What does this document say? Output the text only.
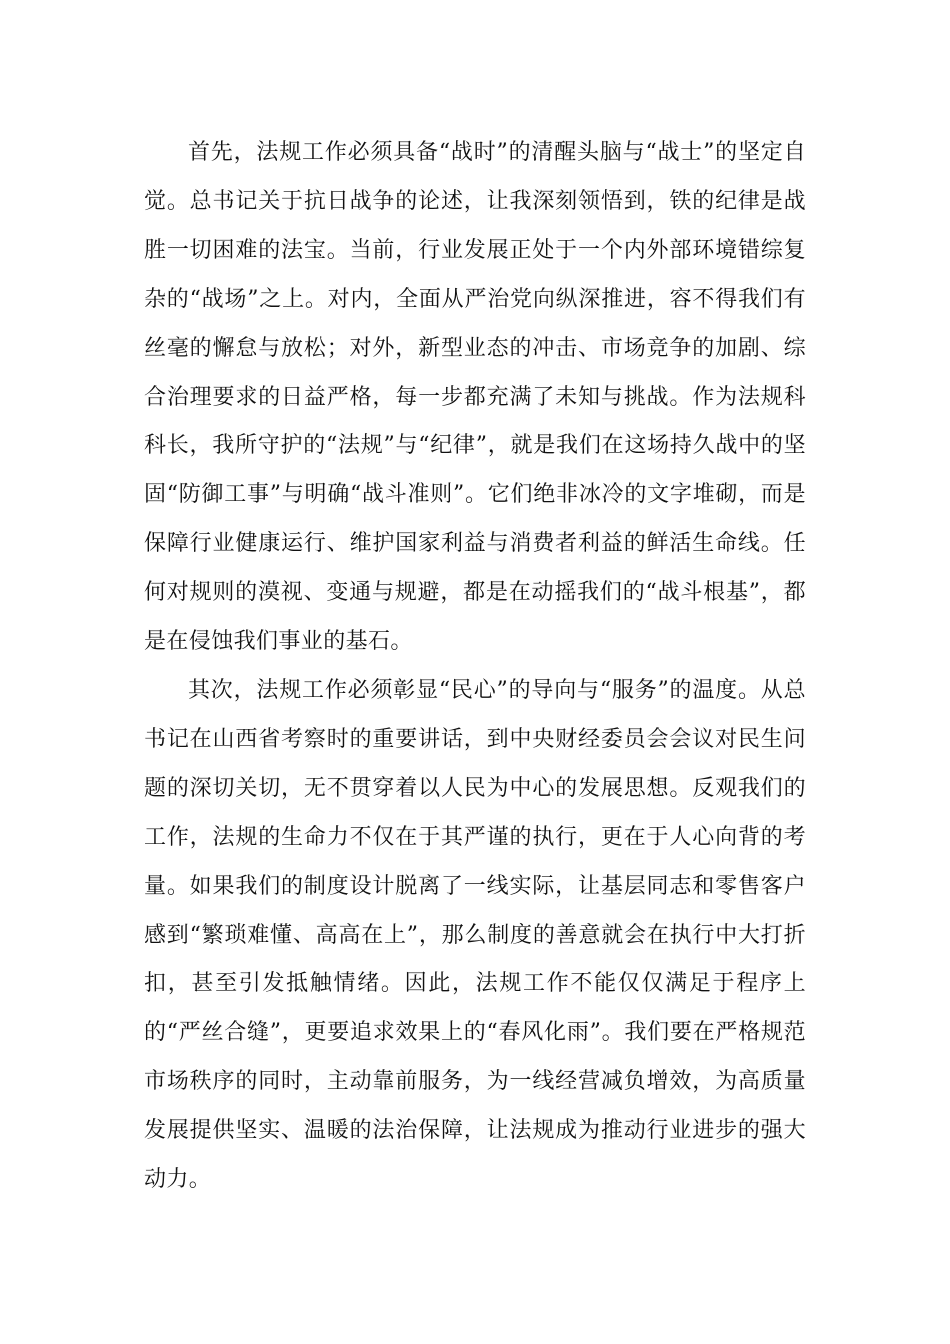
首先，法规工作必须具备“战时”的清醒头脑与“战士”的坚定自觉。总书记关于抗日战争的论述，让我深刻领悟到，铁的纪律是战胜一切困难的法宝。当前，行业发展正处于一个内外部环境错综复杂的“战场”之上。对内，全面从严治党向纵深推进，容不得我们有丝毫的懈怠与放松；对外，新型业态的冲击、市场竞争的加剧、综合治理要求的日益严格，每一步都充满了未知与挑战。作为法规科科长，我所守护的“法规”与“纪律”，就是我们在这场持久战中的坚固“防御工事”与明确“战斗准则”。它们绝非冰冷的文字堆砌，而是保障行业健康运行、维护国家利益与消费者利益的鲜活生命线。任何对规则的漠视、变通与规避，都是在动摇我们的“战斗根基”，都是在侵蚀我们事业的基石。

其次，法规工作必须彰显“民心”的导向与“服务”的温度。从总书记在山西省考察时的重要讲话，到中央财经委员会会议对民生问题的深切关切，无不贯穿着以人民为中心的发展思想。反观我们的工作，法规的生命力不仅在于其严谨的执行，更在于人心向背的考量。如果我们的制度设计脱离了一线实际，让基层同志和零售客户感到“繁琐难懂、高高在上”，那么制度的善意就会在执行中大打折扣，甚至引发抵触情绪。因此，法规工作不能仅仅满足于程序上的“严丝合缝”，更要追求效果上的“春风化雨”。我们要在严格规范市场秩序的同时，主动靠前服务，为一线经营减负增效，为高质量发展提供坚实、温暖的法治保障，让法规成为推动行业进步的强大动力。
